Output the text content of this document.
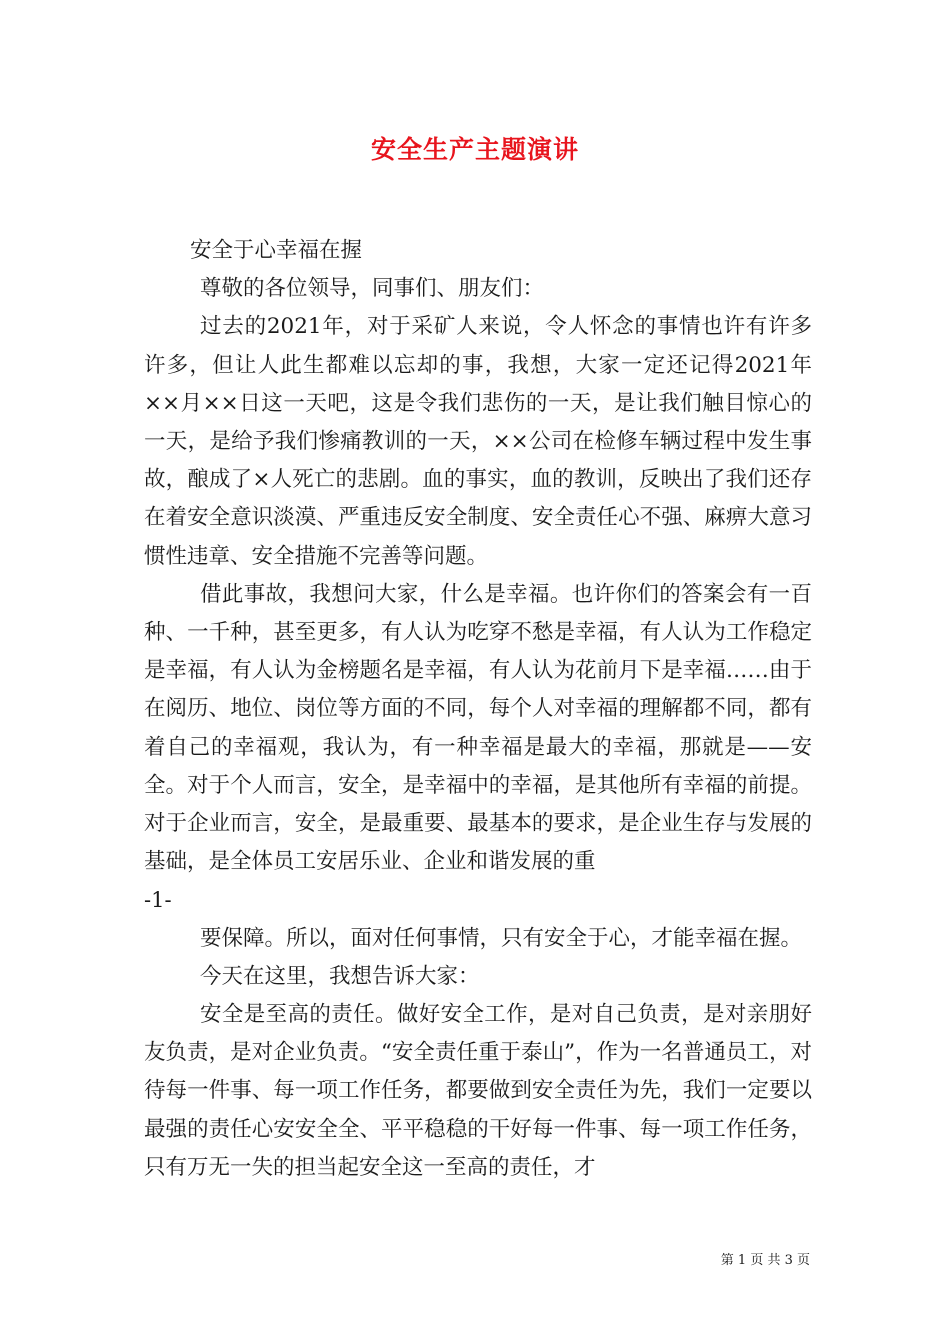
安全生产主题演讲

安全于心幸福在握

尊敬的各位领导，同事们、朋友们：

过去的2021年，对于采矿人来说，令人怀念的事情也许有许多许多，但让人此生都难以忘却的事，我想，大家一定还记得2021年××月××日这一天吧，这是令我们悲伤的一天，是让我们触目惊心的一天，是给予我们惨痛教训的一天，××公司在检修车辆过程中发生事故，酿成了×人死亡的悲剧。血的事实，血的教训，反映出了我们还存在着安全意识淡漠、严重违反安全制度、安全责任心不强、麻痹大意习惯性违章、安全措施不完善等问题。

借此事故，我想问大家，什么是幸福。也许你们的答案会有一百种、一千种，甚至更多，有人认为吃穿不愁是幸福，有人认为工作稳定是幸福，有人认为金榜题名是幸福，有人认为花前月下是幸福……由于在阅历、地位、岗位等方面的不同，每个人对幸福的理解都不同，都有着自己的幸福观，我认为，有一种幸福是最大的幸福，那就是——安全。对于个人而言，安全，是幸福中的幸福，是其他所有幸福的前提。对于企业而言，安全，是最重要、最基本的要求，是企业生存与发展的基础，是全体员工安居乐业、企业和谐发展的重

-1-

要保障。所以，面对任何事情，只有安全于心，才能幸福在握。

今天在这里，我想告诉大家：

安全是至高的责任。做好安全工作，是对自己负责，是对亲朋好友负责，是对企业负责。“安全责任重于泰山”，作为一名普通员工，对待每一件事、每一项工作任务，都要做到安全责任为先，我们一定要以最强的责任心安安全全、平平稳稳的干好每一件事、每一项工作任务，只有万无一失的担当起安全这一至高的责任，才

第 1 页 共 3 页
